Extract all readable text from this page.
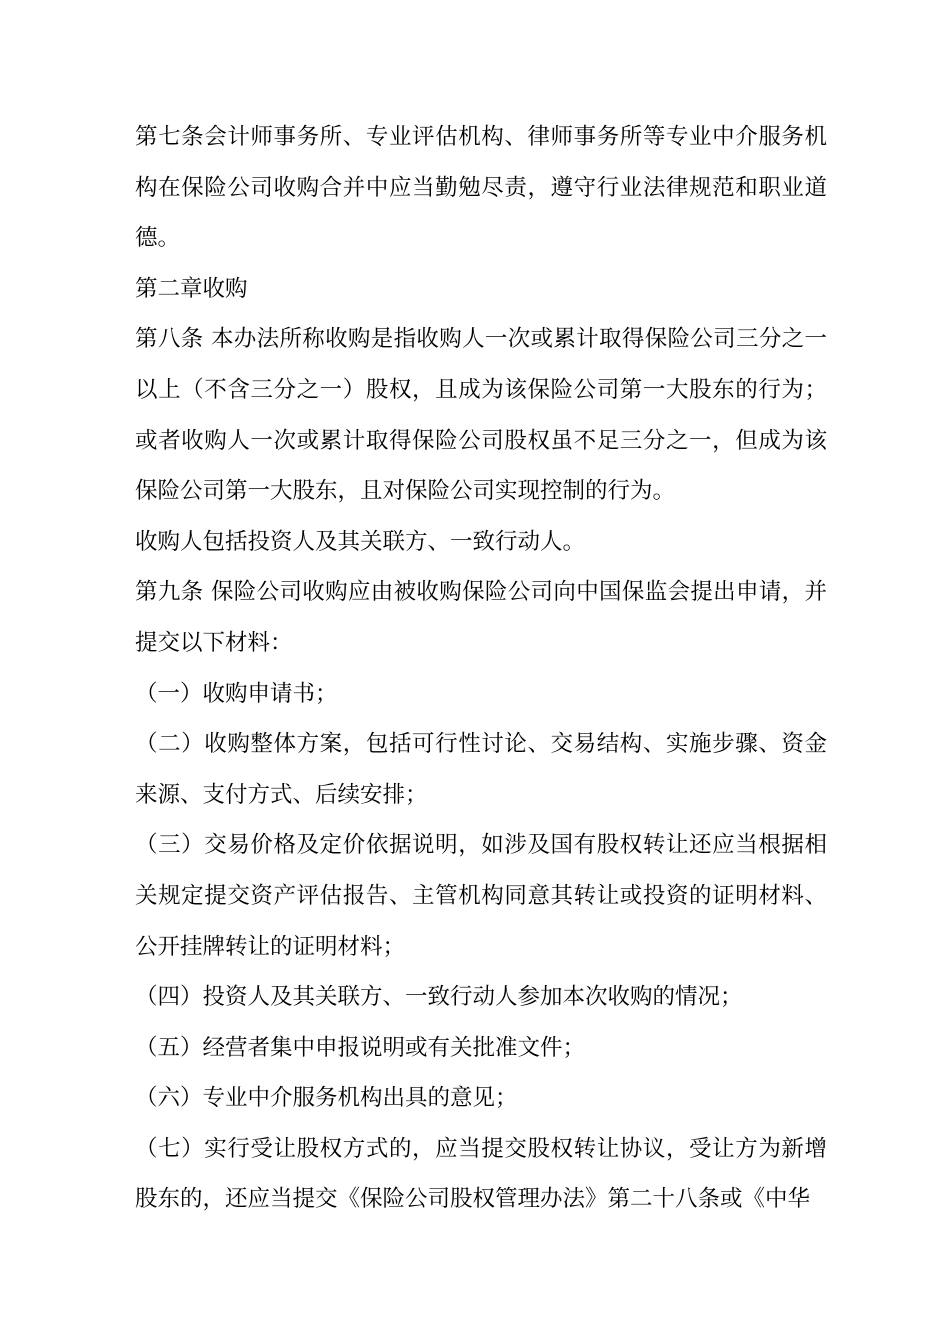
第七条会计师事务所、专业评估机构、律师事务所等专业中介服务机构在保险公司收购合并中应当勤勉尽责，遵守行业法律规范和职业道德。

第二章收购

第八条 本办法所称收购是指收购人一次或累计取得保险公司三分之一以上（不含三分之一）股权，且成为该保险公司第一大股东的行为；或者收购人一次或累计取得保险公司股权虽不足三分之一，但成为该保险公司第一大股东，且对保险公司实现控制的行为。

收购人包括投资人及其关联方、一致行动人。

第九条 保险公司收购应由被收购保险公司向中国保监会提出申请，并提交以下材料：

（一）收购申请书；

（二）收购整体方案，包括可行性讨论、交易结构、实施步骤、资金来源、支付方式、后续安排；

（三）交易价格及定价依据说明，如涉及国有股权转让还应当根据相关规定提交资产评估报告、主管机构同意其转让或投资的证明材料、公开挂牌转让的证明材料；

（四）投资人及其关联方、一致行动人参加本次收购的情况；

（五）经营者集中申报说明或有关批准文件；

（六）专业中介服务机构出具的意见；

（七）实行受让股权方式的，应当提交股权转让协议，受让方为新增股东的，还应当提交《保险公司股权管理办法》第二十八条或《中华
